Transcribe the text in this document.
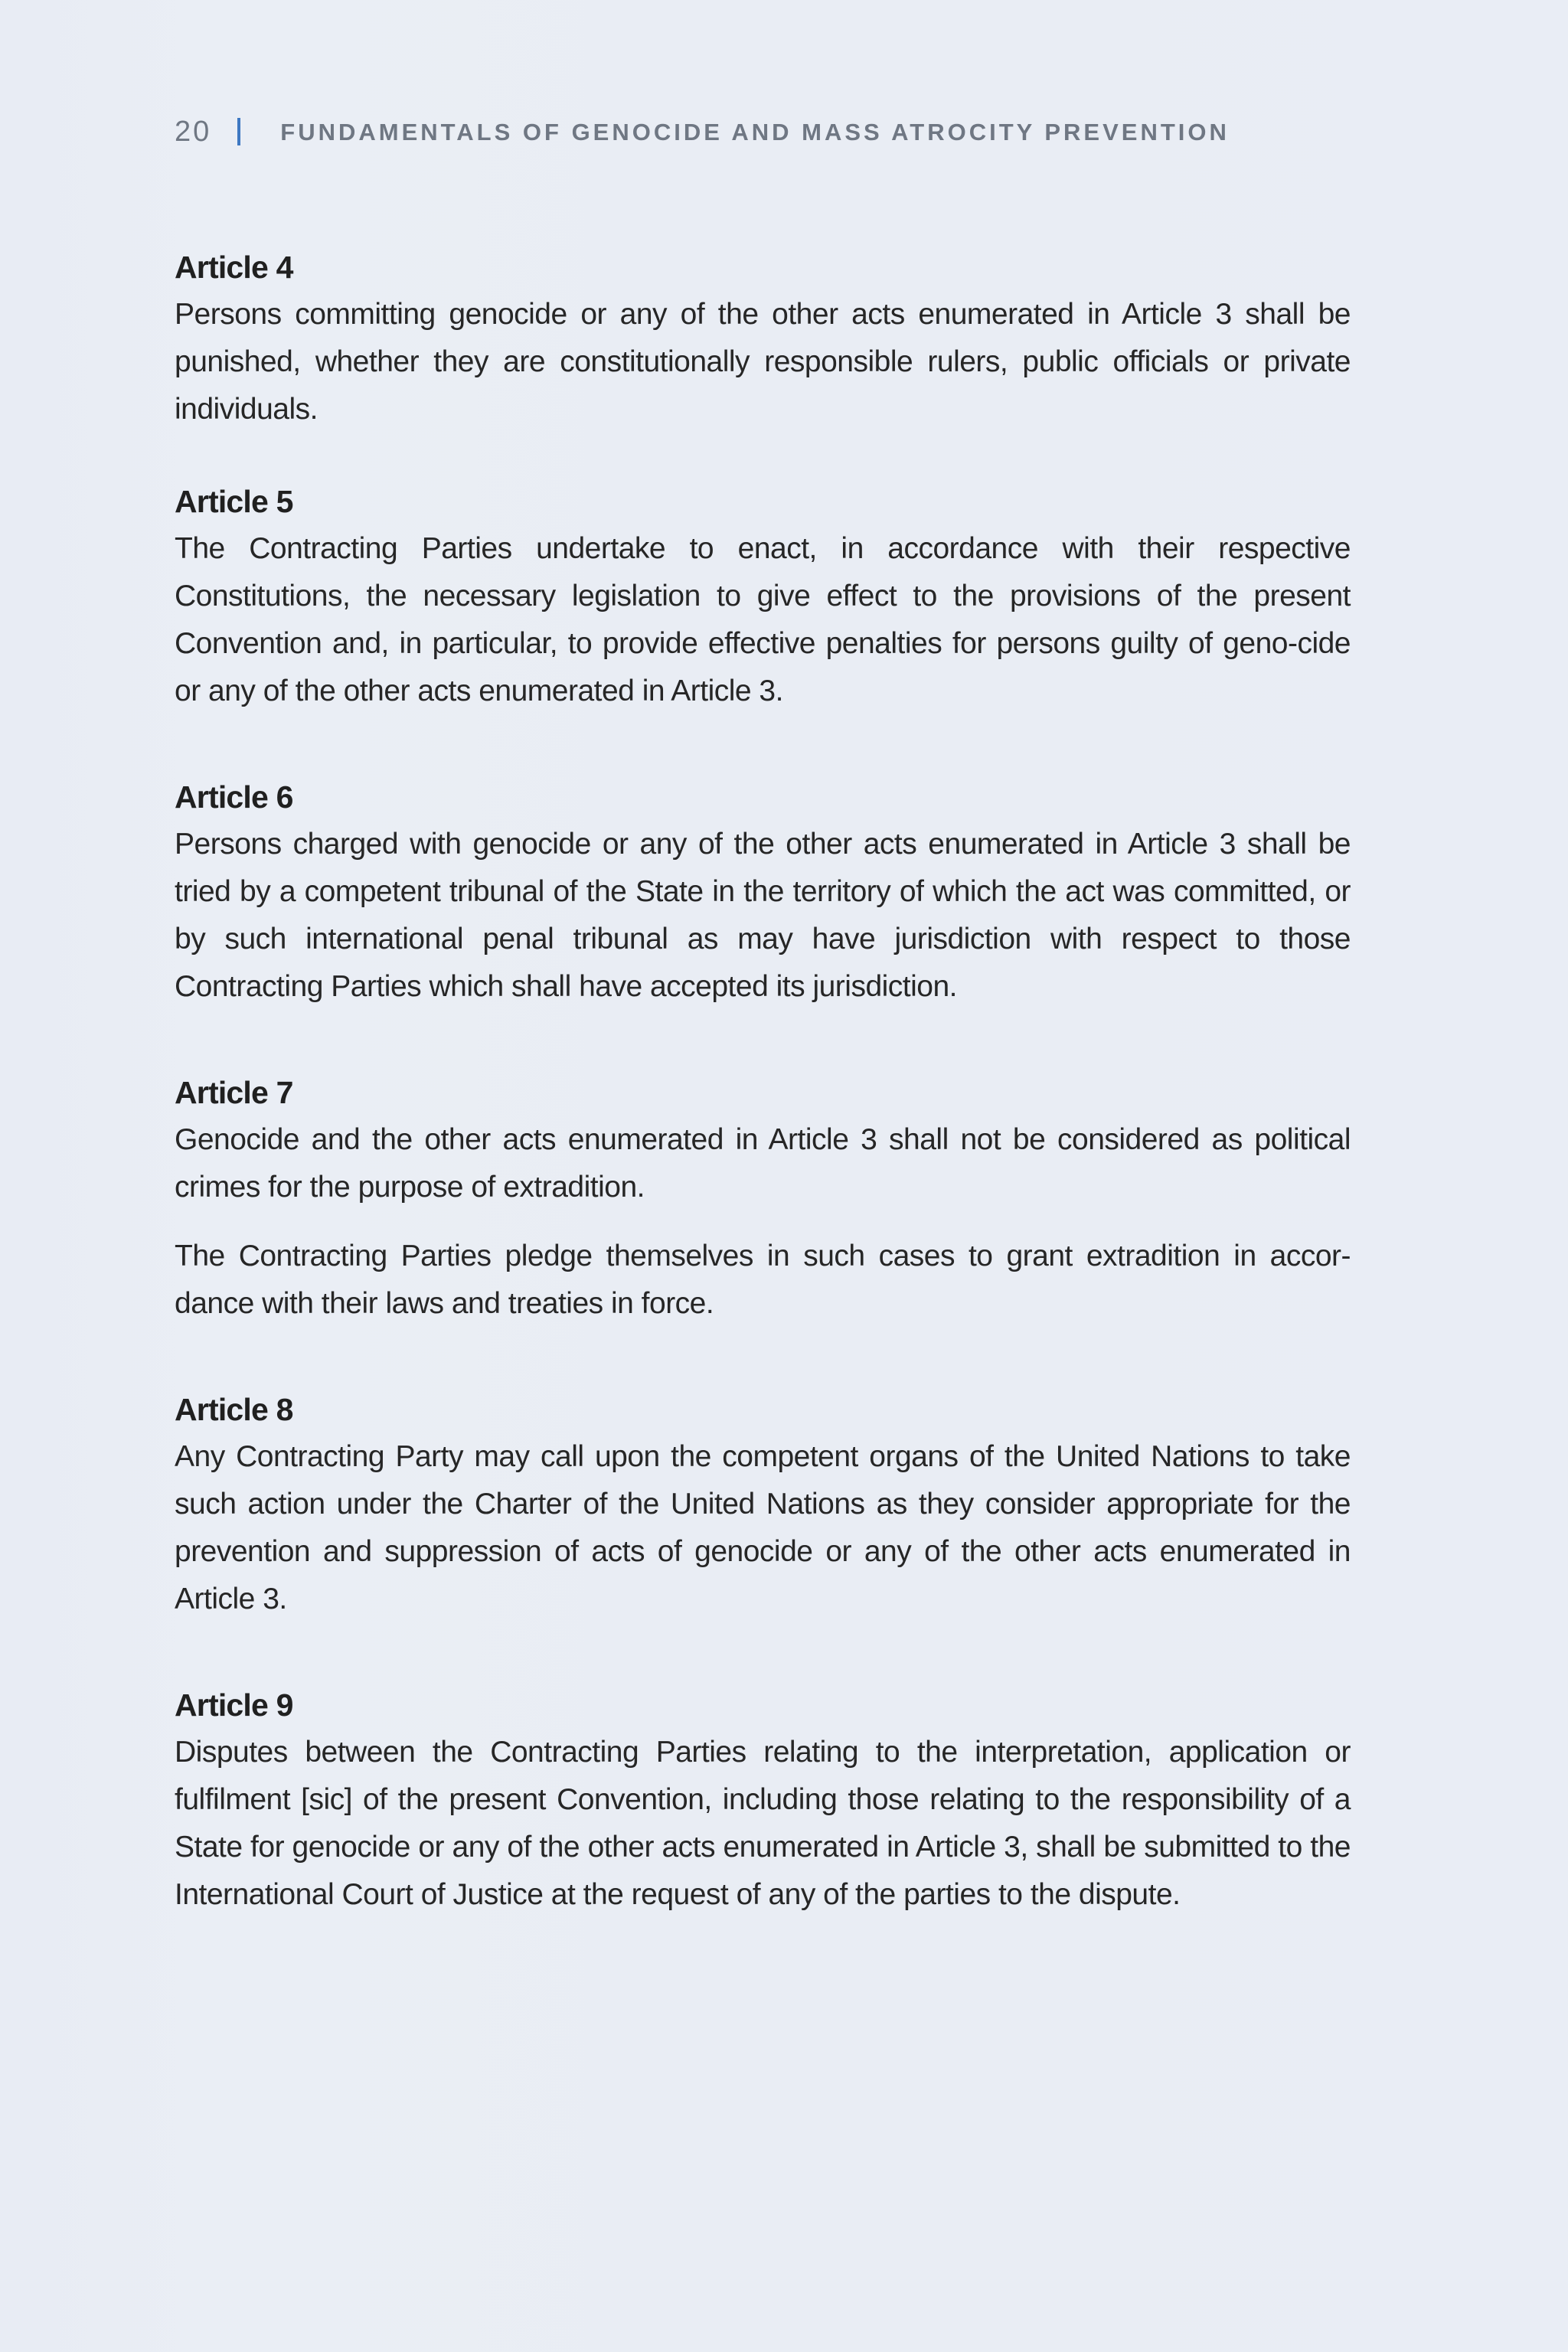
20	FUNDAMENTALS OF GENOCIDE AND MASS ATROCITY PREVENTION
Article 4

Persons committing genocide or any of the other acts enumerated in Article 3 shall be punished, whether they are constitutionally responsible rulers, public officials or private individuals.

Article 5

The Contracting Parties undertake to enact, in accordance with their respective Constitutions, the necessary legislation to give effect to the provisions of the present Convention and, in particular, to provide effective penalties for persons guilty of geno-cide or any of the other acts enumerated in Article 3.

Article 6

Persons charged with genocide or any of the other acts enumerated in Article 3 shall be tried by a competent tribunal of the State in the territory of which the act was committed, or by such international penal tribunal as may have jurisdiction with respect to those Contracting Parties which shall have accepted its jurisdiction.

Article 7

Genocide and the other acts enumerated in Article 3 shall not be considered as political crimes for the purpose of extradition.

The Contracting Parties pledge themselves in such cases to grant extradition in accor-dance with their laws and treaties in force.

Article 8

Any Contracting Party may call upon the competent organs of the United Nations to take such action under the Charter of the United Nations as they consider appropriate for the prevention and suppression of acts of genocide or any of the other acts enumerated in Article 3.

Article 9

Disputes between the Contracting Parties relating to the interpretation, application or fulfilment [sic] of the present Convention, including those relating to the responsibility of a State for genocide or any of the other acts enumerated in Article 3, shall be submitted to the International Court of Justice at the request of any of the parties to the dispute.
